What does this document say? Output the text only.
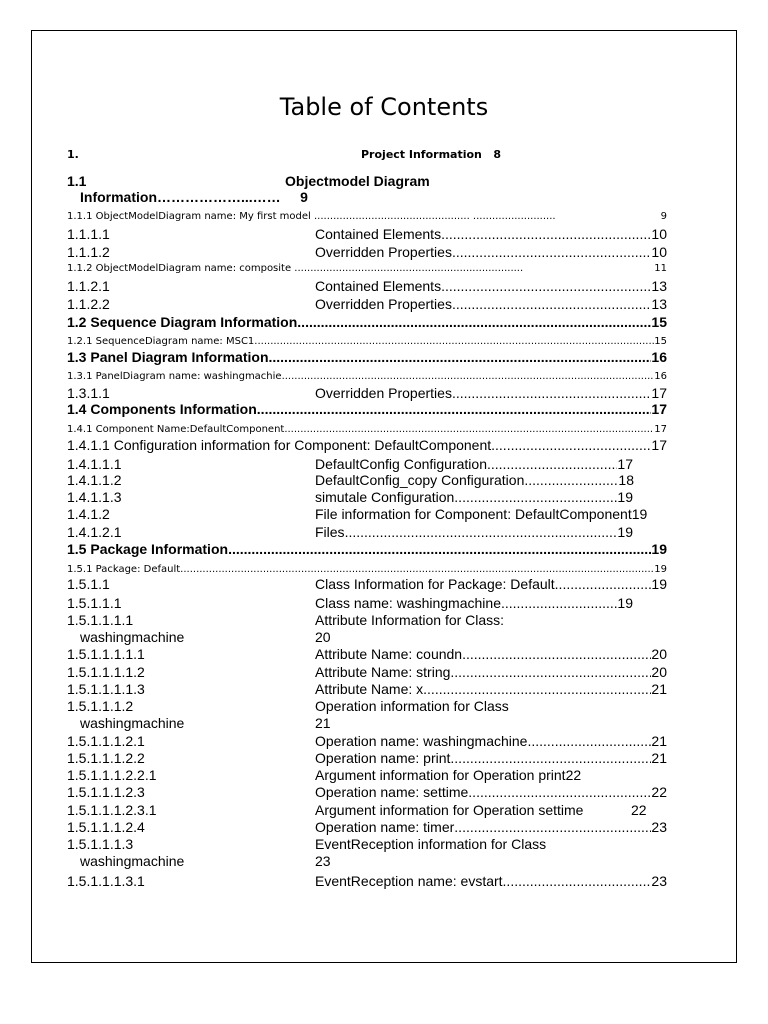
Table of Contents
1.	Project Information 8
1.1	Objectmodel Diagram
Information………………...…… 9
1.1.1 ObjectModelDiagram name: My first model ................................................. ..........................	9
1.1.1.1	Contained Elements .....	10
1.1.1.2	Overridden Properties .....	10
1.1.2 ObjectModelDiagram name: composite ........................................................................	11
1.1.2.1	Contained Elements .....	13
1.1.2.2	Overridden Properties .....	13
1.2 Sequence Diagram Information .....	15
1.2.1 SequenceDiagram name: MSC1 .....	15
1.3 Panel Diagram Information .....	16
1.3.1 PanelDiagram name: washingmachie .....	16
1.3.1.1	Overridden Properties .....	17
1.4 Components Information .....	17
1.4.1 Component Name:DefaultComponent .....	17
1.4.1.1 Configuration information for Component: DefaultComponent .....	17
1.4.1.1.1	DefaultConfig Configuration .....	17
1.4.1.1.2	DefaultConfig_copy Configuration .....	18
1.4.1.1.3	simutale Configuration .....	19
1.4.1.2	File information for Component: DefaultComponent19
1.4.1.2.1	Files .....	19
1.5 Package Information .....	19
1.5.1 Package: Default .....	19
1.5.1.1	Class Information for Package: Default .....	19
1.5.1.1.1	Class name: washingmachine .....	19
1.5.1.1.1.1	Attribute Information for Class:
washingmachine	20
1.5.1.1.1.1.1	Attribute Name: coundn .....	20
1.5.1.1.1.1.2	Attribute Name: string .....	20
1.5.1.1.1.1.3	Attribute Name: x .....	21
1.5.1.1.1.2	Operation information for Class
washingmachine	21
1.5.1.1.1.2.1	Operation name: washingmachine .....	21
1.5.1.1.1.2.2	Operation name: print .....	21
1.5.1.1.1.2.2.1	Argument information for Operation print22
1.5.1.1.1.2.3	Operation name: settime .....	22
1.5.1.1.1.2.3.1	Argument information for Operation settime	22
1.5.1.1.1.2.4	Operation name: timer .....	23
1.5.1.1.1.3	EventReception information for Class
washingmachine	23
1.5.1.1.1.3.1	EventReception name: evstart .....	23
